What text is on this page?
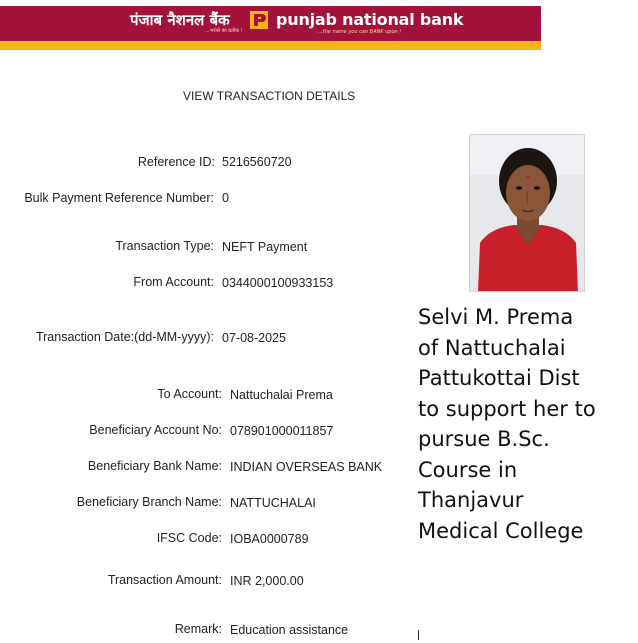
पंजाब नैशनल बैंक
...भरोसे का प्रतीक !
punjab national bank
...the name you can BANK upon !
VIEW TRANSACTION DETAILS
Reference ID: 5216560720
Bulk Payment Reference Number: 0
Transaction Type: NEFT Payment
From Account: 0344000100933153
Transaction Date:(dd-MM-yyyy): 07-08-2025
To Account: Nattuchalai Prema
Beneficiary Account No: 078901000011857
Beneficiary Bank Name: INDIAN OVERSEAS BANK
Beneficiary Branch Name: NATTUCHALAI
IFSC Code: IOBA0000789
Transaction Amount: INR 2,000.00
Remark: Education assistance
Selvi M. Prema
of Nattuchalai
Pattukottai Dist
to support her to
pursue B.Sc.
Course in
Thanjavur
Medical College
